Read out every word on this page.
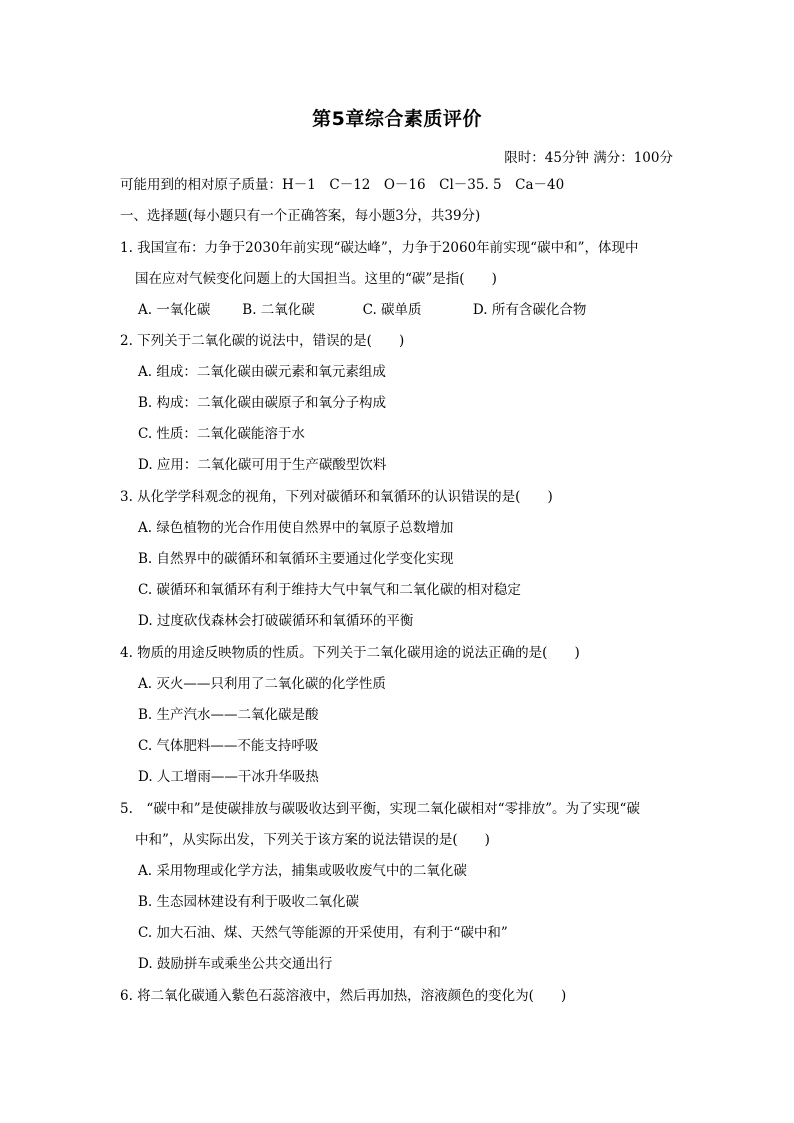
第5章综合素质评价
限时：45分钟 满分：100分
可能用到的相对原子质量：H－1　C－12　O－16　Cl－35. 5　Ca－40
一、选择题(每小题只有一个正确答案，每小题3分，共39分)
1. 我国宣布：力争于2030年前实现“碳达峰”，力争于2060年前实现“碳中和”，体现中
国在应对气候变化问题上的大国担当。这里的“碳”是指(　　)
A. 一氧化碳 B. 二氧化碳	C. 碳单质	D. 所有含碳化合物
2. 下列关于二氧化碳的说法中，错误的是(　　)
A. 组成：二氧化碳由碳元素和氧元素组成
B. 构成：二氧化碳由碳原子和氧分子构成
C. 性质：二氧化碳能溶于水
D. 应用：二氧化碳可用于生产碳酸型饮料
3. 从化学学科观念的视角，下列对碳循环和氧循环的认识错误的是(　　)
A. 绿色植物的光合作用使自然界中的氧原子总数增加
B. 自然界中的碳循环和氧循环主要通过化学变化实现
C. 碳循环和氧循环有利于维持大气中氧气和二氧化碳的相对稳定
D. 过度砍伐森林会打破碳循环和氧循环的平衡
4. 物质的用途反映物质的性质。下列关于二氧化碳用途的说法正确的是(　　)
A. 灭火——只利用了二氧化碳的化学性质
B. 生产汽水——二氧化碳是酸
C. 气体肥料——不能支持呼吸
D. 人工增雨——干冰升华吸热
5.　“碳中和”是使碳排放与碳吸收达到平衡，实现二氧化碳相对“零排放”。为了实现“碳
中和”，从实际出发，下列关于该方案的说法错误的是(　　)
A. 采用物理或化学方法，捕集或吸收废气中的二氧化碳
B. 生态园林建设有利于吸收二氧化碳
C. 加大石油、煤、天然气等能源的开采使用，有利于“碳中和”
D. 鼓励拼车或乘坐公共交通出行
6. 将二氧化碳通入紫色石蕊溶液中，然后再加热，溶液颜色的变化为(　　)
